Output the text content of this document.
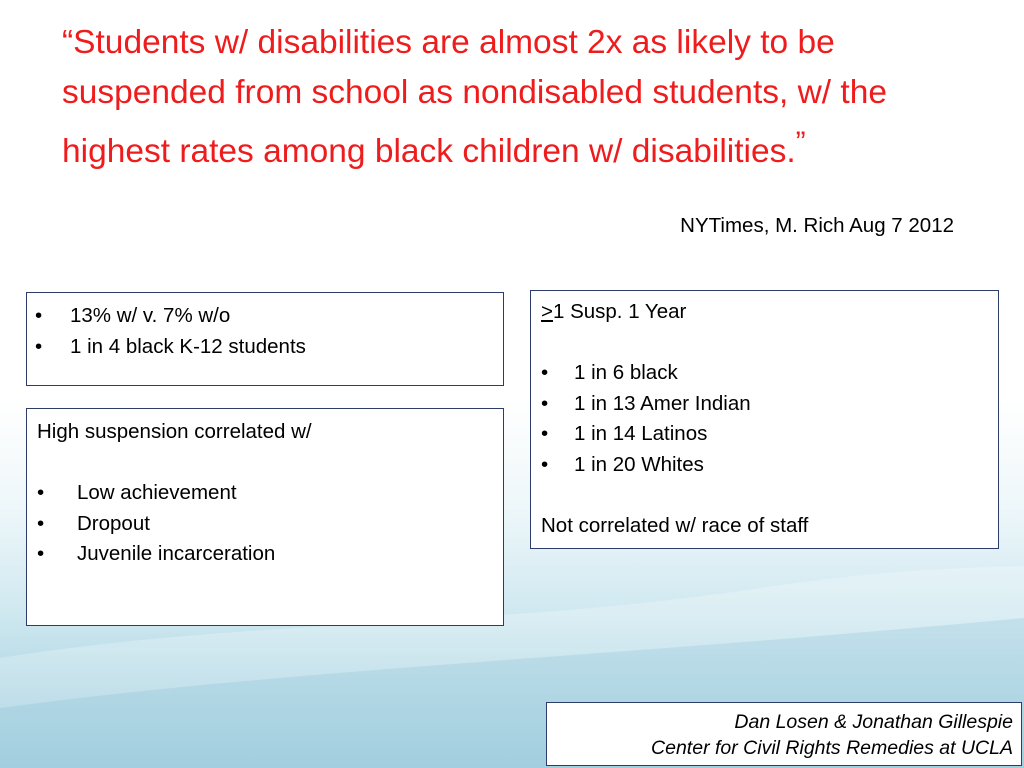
“Students w/ disabilities are almost 2x as likely to be suspended from school as nondisabled students, w/ the highest rates among black children w/ disabilities.”
NYTimes, M. Rich Aug 7 2012
• 13% w/ v. 7% w/o
• 1 in 4 black K-12 students
High suspension correlated w/
• Low achievement
• Dropout
• Juvenile incarceration
≥1 Susp. 1 Year
• 1 in 6 black
• 1 in 13 Amer Indian
• 1 in 14 Latinos
• 1 in 20 Whites
Not correlated w/ race of staff
Dan Losen & Jonathan Gillespie
Center for Civil Rights Remedies at UCLA
